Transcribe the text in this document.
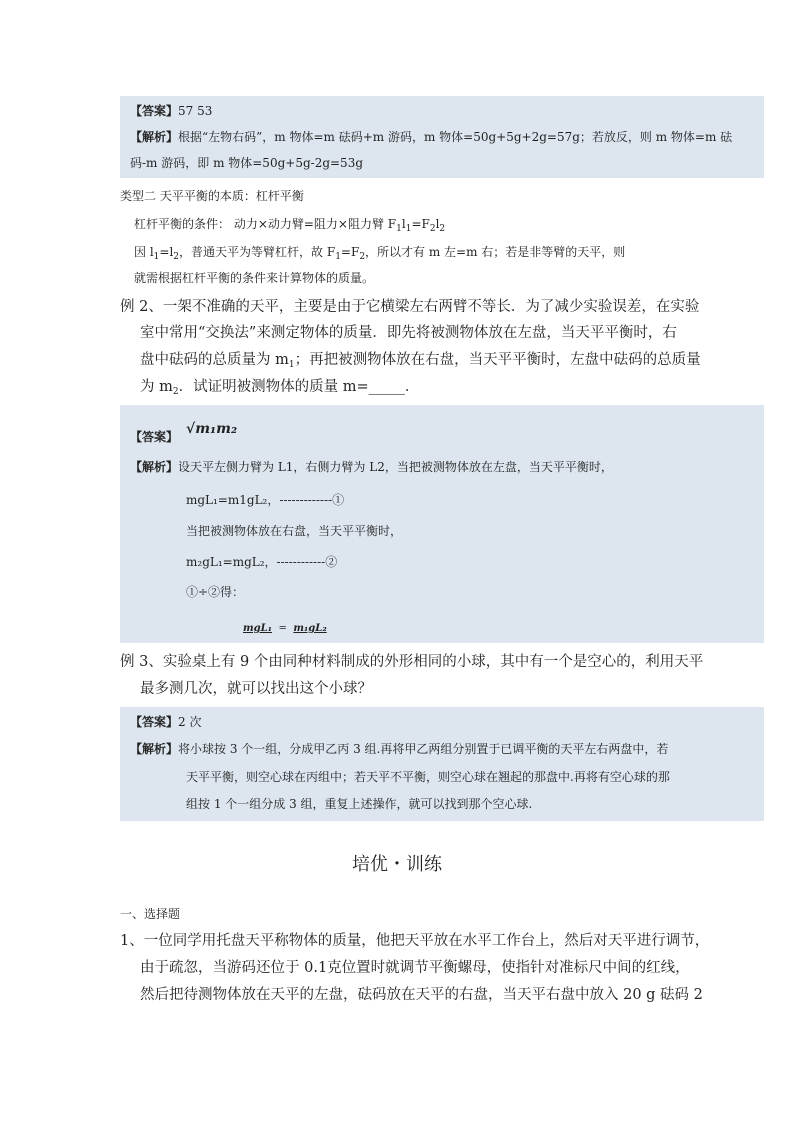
【答案】57 53
【解析】根据“左物右码”，m 物体=m 砝码+m 游码，m 物体=50g+5g+2g=57g；若放反，则 m 物体=m 砝
码-m 游码，即 m 物体=50g+5g-2g=53g
类型二 天平平衡的本质：杠杆平衡
杠杆平衡的条件： 动力×动力臂=阻力×阻力臂 $F_1l_1=F_2l_2$
因 $l_1=l_2$，普通天平为等臂杠杆，故 $F_1=F_2$，所以才有 m 左=m 右；若是非等臂的天平，则
就需根据杠杆平衡的条件来计算物体的质量。
例 2、一架不准确的天平，主要是由于它横梁左右两臂不等长．为了减少实验误差，在实验
室中常用“交换法”来测定物体的质量．即先将被测物体放在左盘，当天平平衡时，右
盘中砝码的总质量为 $m_1$；再把被测物体放在右盘，当天平平衡时，左盘中砝码的总质量
为 $m_2$．试证明被测物体的质量 m=_____．
【答案】 √m₁m₂
【解析】设天平左侧力臂为 L1，右侧力臂为 L2，当把被测物体放在左盘，当天平平衡时，
mgL₁=m1gL₂，-------------①
当把被测物体放在右盘，当天平平衡时，
m₂gL₁=mgL₂，------------②
①÷②得：
mgL₁ = m₁gL₂
例 3、实验桌上有 9 个由同种材料制成的外形相同的小球，其中有一个是空心的，利用天平
最多测几次，就可以找出这个小球？
【答案】2 次
【解析】将小球按 3 个一组，分成甲乙丙 3 组.再将甲乙两组分别置于已调平衡的天平左右两盘中，若
天平平衡，则空心球在丙组中；若天平不平衡，则空心球在翘起的那盘中.再将有空心球的那
组按 1 个一组分成 3 组，重复上述操作，就可以找到那个空心球.
培优・训练
一、选择题
1、一位同学用托盘天平称物体的质量，他把天平放在水平工作台上，然后对天平进行调节，
由于疏忽，当游码还位于 0.1克位置时就调节平衡螺母，使指针对准标尺中间的红线，
然后把待测物体放在天平的左盘，砝码放在天平的右盘，当天平右盘中放入 20 g 砝码 2
